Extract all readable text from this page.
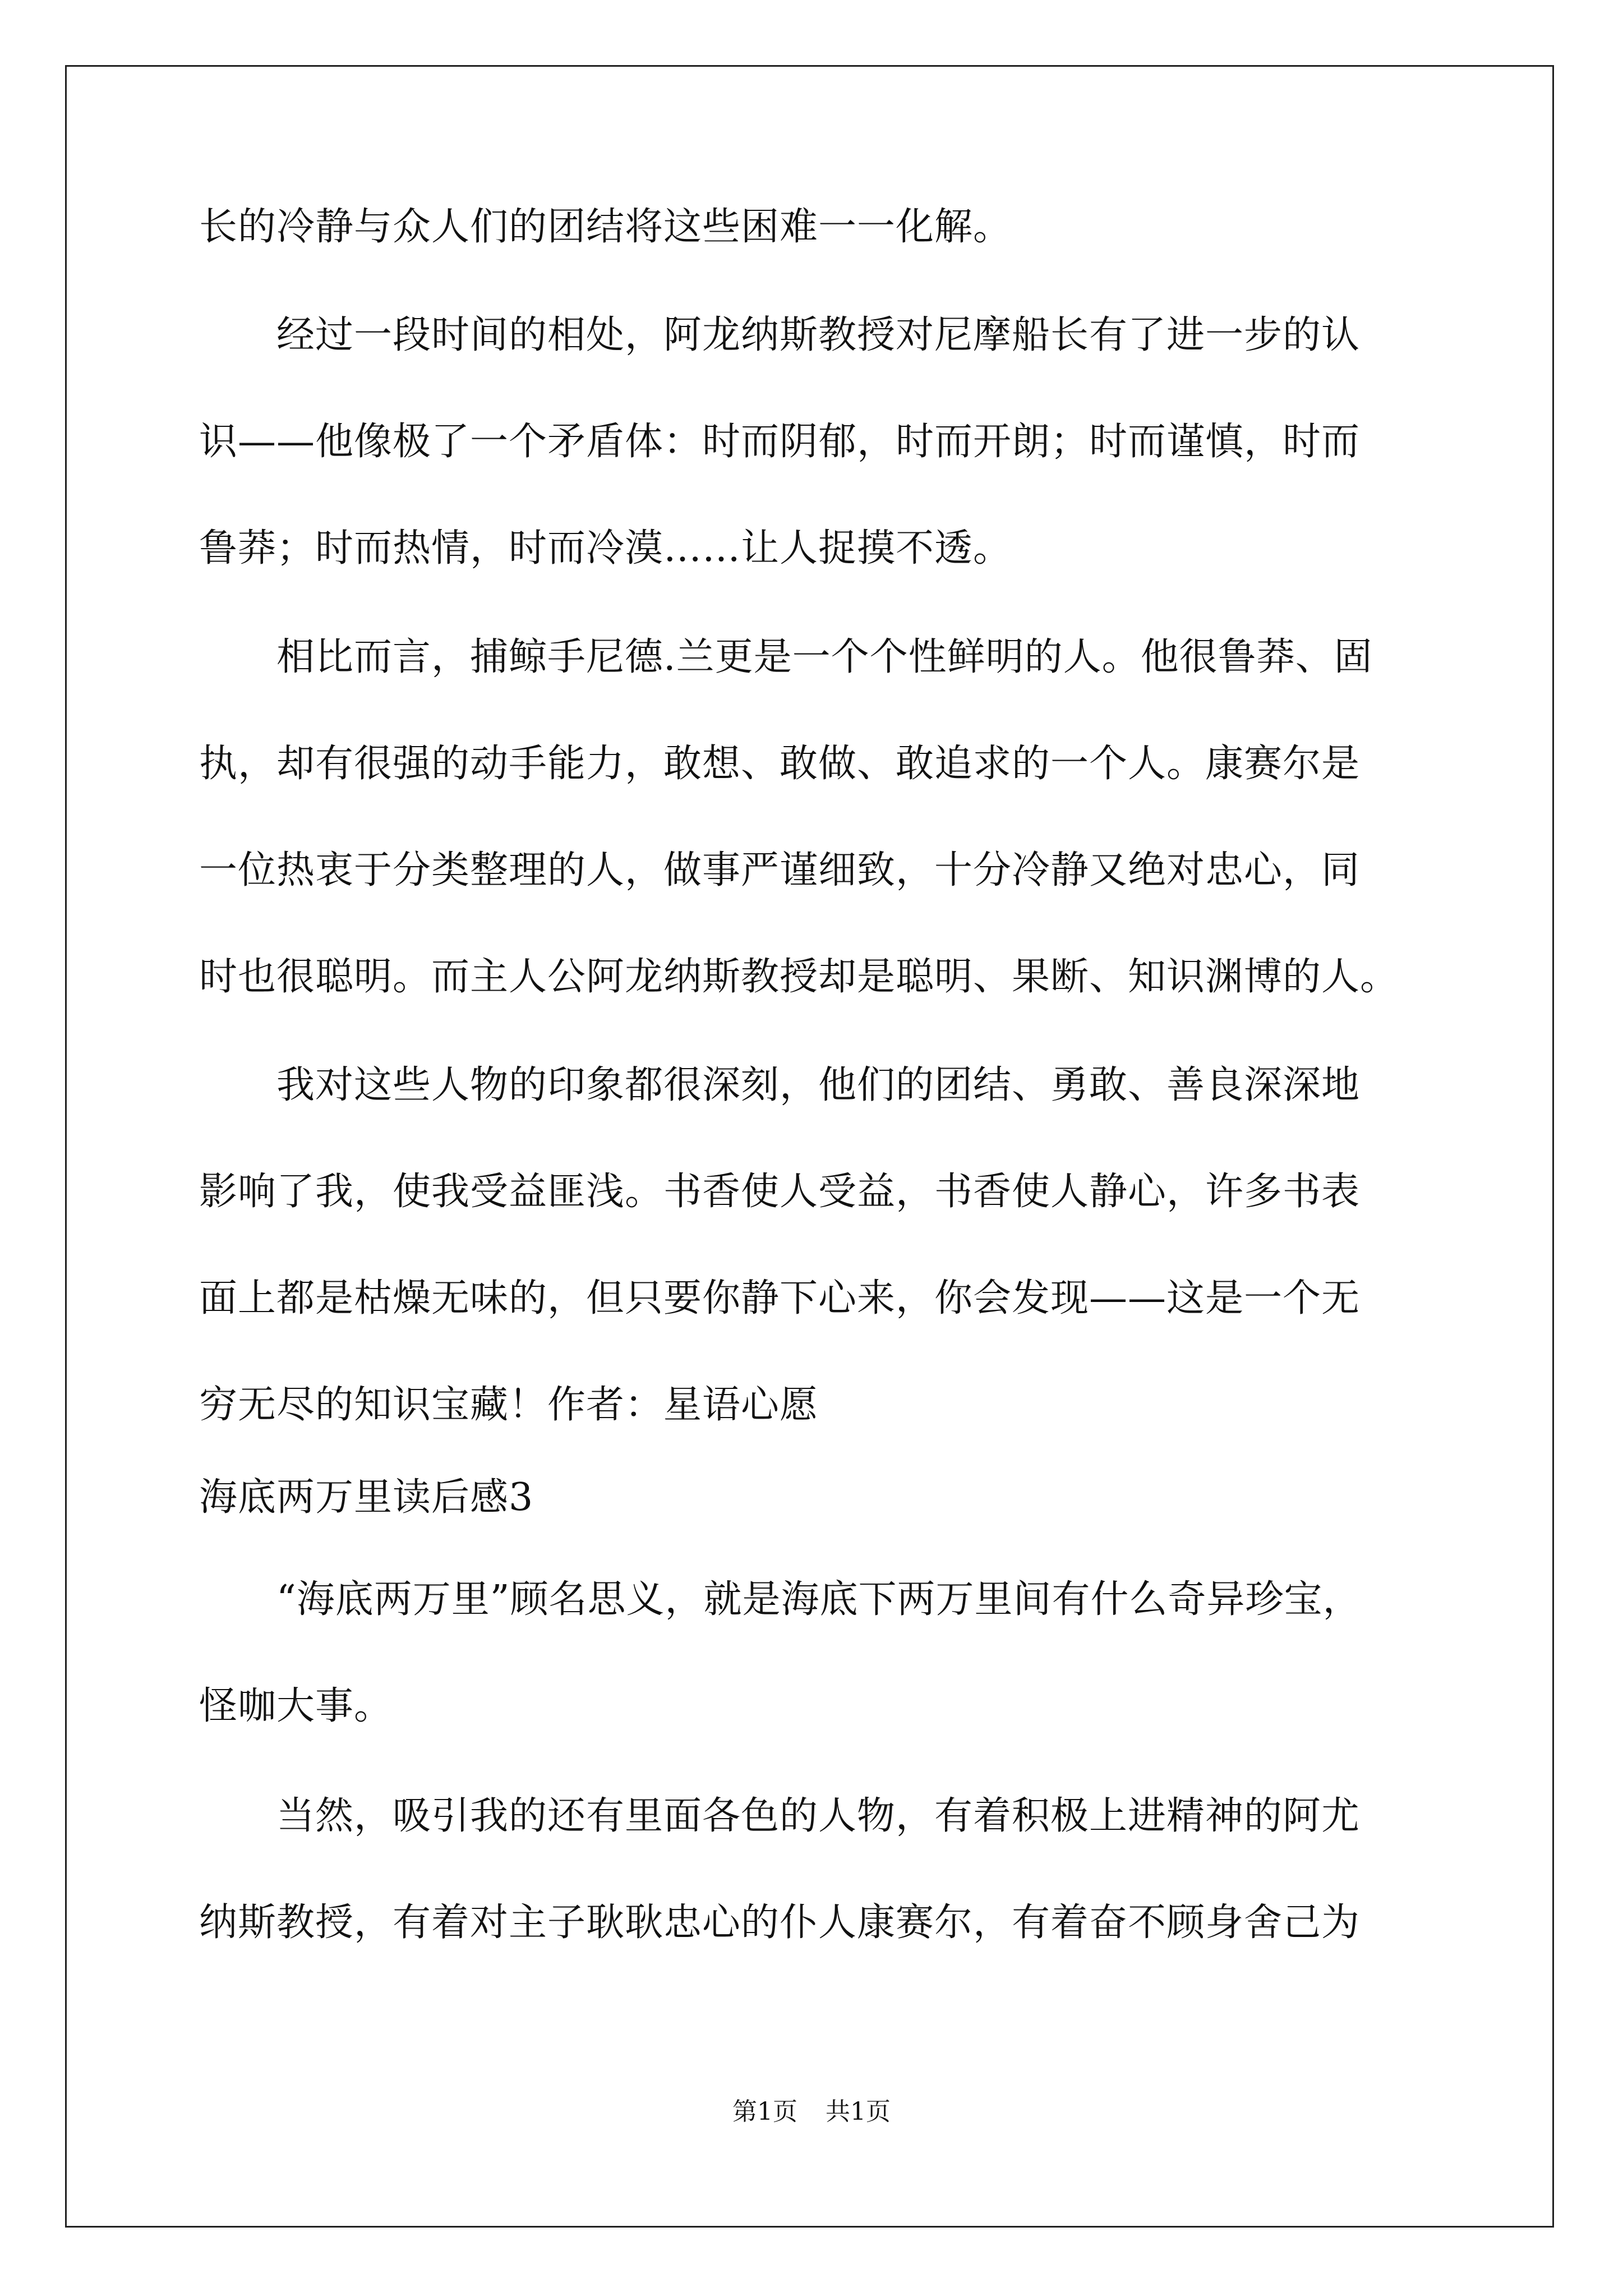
长的冷静与众人们的团结将这些困难一一化解。
　　经过一段时间的相处，阿龙纳斯教授对尼摩船长有了进一步的认
识——他像极了一个矛盾体：时而阴郁，时而开朗；时而谨慎，时而
鲁莽；时而热情，时而冷漠……让人捉摸不透。
　　相比而言，捕鲸手尼德.兰更是一个个性鲜明的人。他很鲁莽、固
执，却有很强的动手能力，敢想、敢做、敢追求的一个人。康赛尔是
一位热衷于分类整理的人，做事严谨细致，十分冷静又绝对忠心，同
时也很聪明。而主人公阿龙纳斯教授却是聪明、果断、知识渊博的人。
　　我对这些人物的印象都很深刻，他们的团结、勇敢、善良深深地
影响了我，使我受益匪浅。书香使人受益，书香使人静心，许多书表
面上都是枯燥无味的，但只要你静下心来，你会发现——这是一个无
穷无尽的知识宝藏！作者：星语心愿
海底两万里读后感3
　　“海底两万里”顾名思义，就是海底下两万里间有什么奇异珍宝，
怪咖大事。
　　当然，吸引我的还有里面各色的人物，有着积极上进精神的阿尤
纳斯教授，有着对主子耿耿忠心的仆人康赛尔，有着奋不顾身舍己为
第1页 共1页
